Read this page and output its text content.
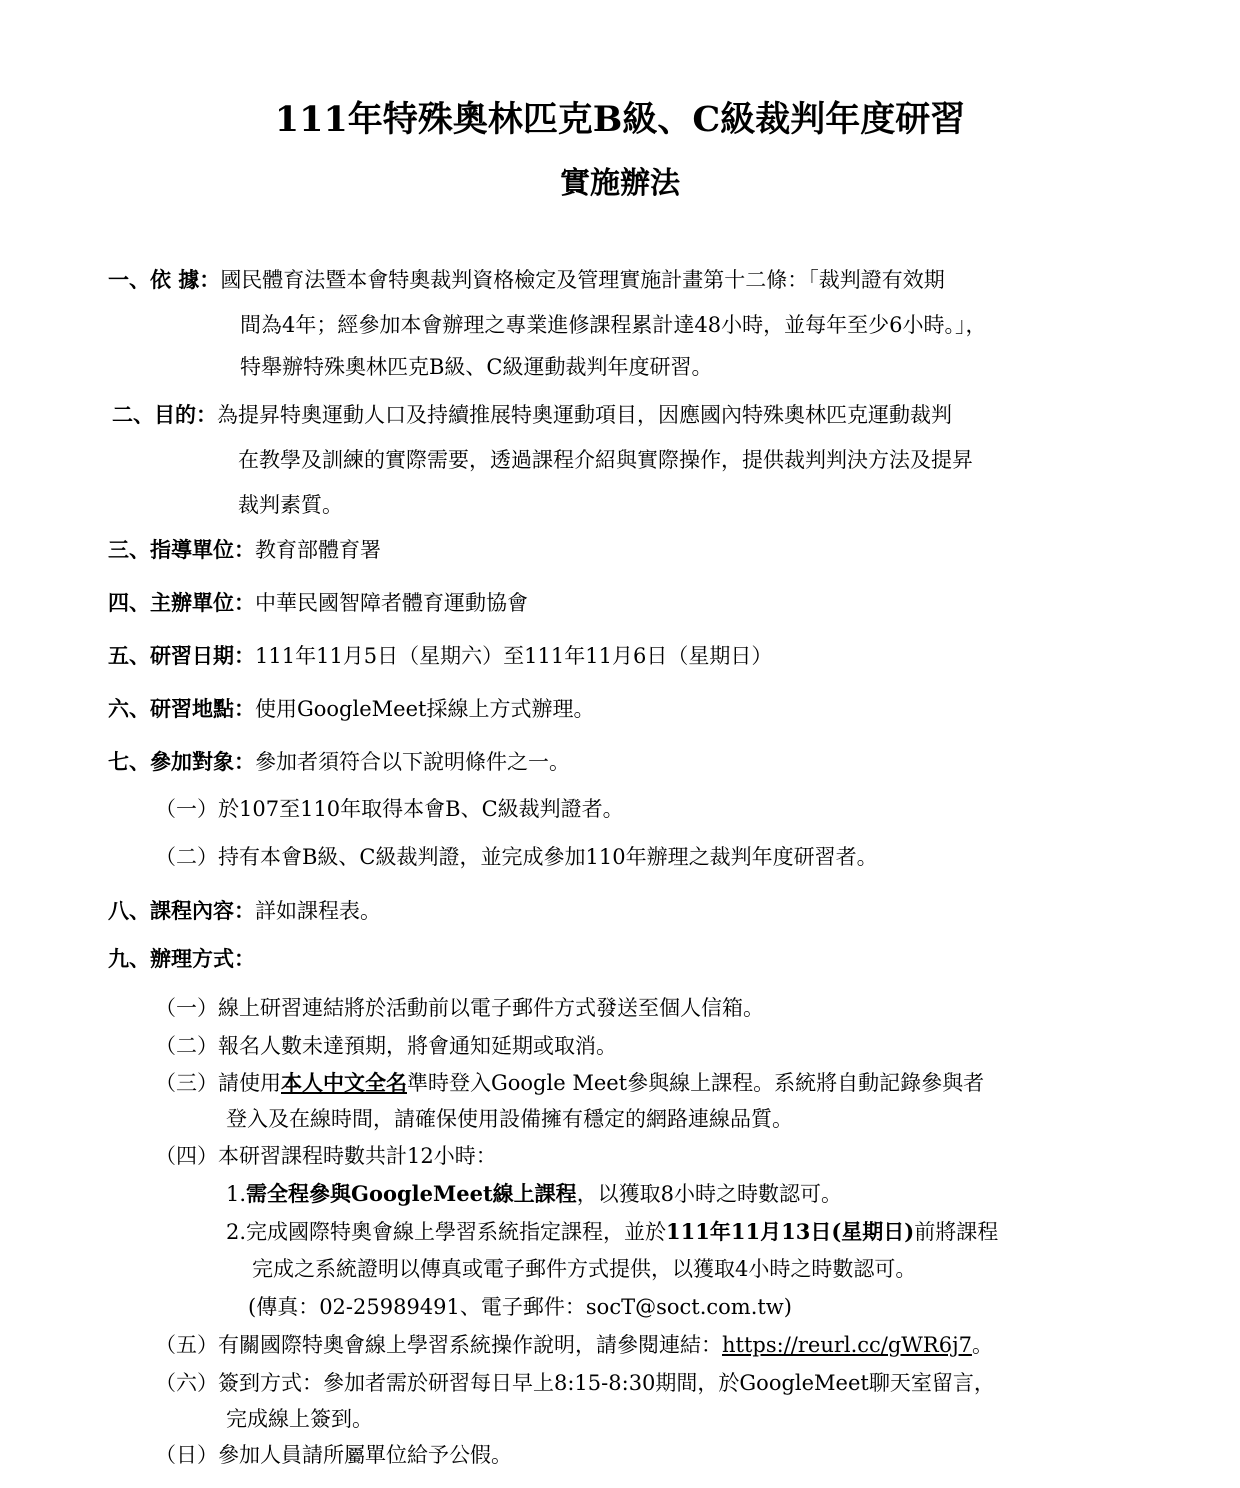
111年特殊奧林匹克B級、C級裁判年度研習
實施辦法
一、依 據：國民體育法暨本會特奧裁判資格檢定及管理實施計畫第十二條：「裁判證有效期
間為4年；經參加本會辦理之專業進修課程累計達48小時，並每年至少6小時。」，
特舉辦特殊奧林匹克B級、C級運動裁判年度研習。
二、目的：為提昇特奧運動人口及持續推展特奧運動項目，因應國內特殊奧林匹克運動裁判
在教學及訓練的實際需要，透過課程介紹與實際操作，提供裁判判決方法及提昇
裁判素質。
三、指導單位：教育部體育署
四、主辦單位：中華民國智障者體育運動協會
五、研習日期：111年11月5日（星期六）至111年11月6日（星期日）
六、研習地點：使用GoogleMeet採線上方式辦理。
七、參加對象：參加者須符合以下說明條件之一。
（一）於107至110年取得本會B、C級裁判證者。
（二）持有本會B級、C級裁判證，並完成參加110年辦理之裁判年度研習者。
八、課程內容：詳如課程表。
九、辦理方式：
（一）線上研習連結將於活動前以電子郵件方式發送至個人信箱。
（二）報名人數未達預期，將會通知延期或取消。
（三）請使用本人中文全名準時登入Google Meet參與線上課程。系統將自動記錄參與者
登入及在線時間，請確保使用設備擁有穩定的網路連線品質。
（四）本研習課程時數共計12小時：
1.需全程參與GoogleMeet線上課程，以獲取8小時之時數認可。
2.完成國際特奧會線上學習系統指定課程，並於111年11月13日(星期日)前將課程
完成之系統證明以傳真或電子郵件方式提供，以獲取4小時之時數認可。
(傳真：02-25989491、電子郵件：socT@soct.com.tw)
（五）有關國際特奧會線上學習系統操作說明，請參閱連結：https://reurl.cc/gWR6j7。
（六）簽到方式：參加者需於研習每日早上8:15-8:30期間，於GoogleMeet聊天室留言，
完成線上簽到。
（日）參加人員請所屬單位給予公假。
